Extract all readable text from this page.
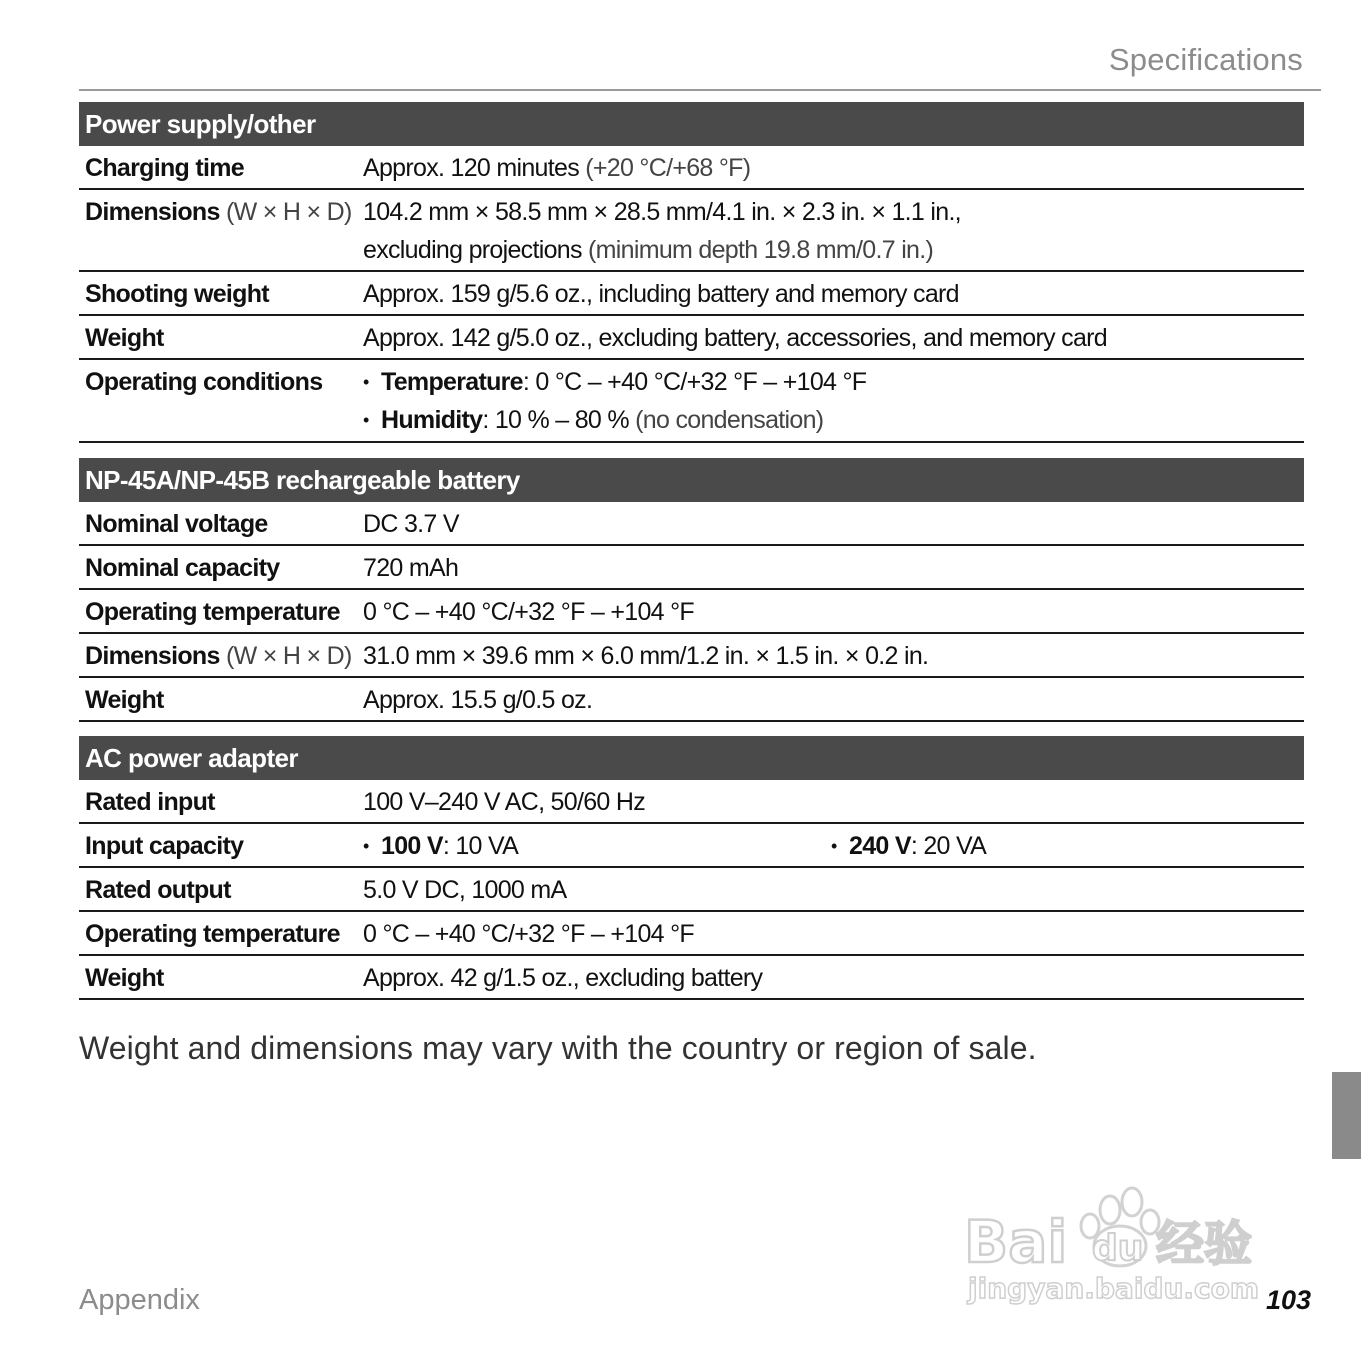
Specifications
Power supply/other
Charging time	Approx. 120 minutes (+20 °C/+68 °F)
Dimensions (W × H × D) 104.2 mm × 58.5 mm × 28.5 mm/4.1 in. × 2.3 in. × 1.1 in.,
excluding projections (minimum depth 19.8 mm/0.7 in.)
Shooting weight	Approx. 159 g/5.6 oz., including battery and memory card
Weight	Approx. 142 g/5.0 oz., excluding battery, accessories, and memory card
Operating conditions	• Temperature: 0 °C – +40 °C/+32 °F – +104 °F
• Humidity: 10 % – 80 % (no condensation)
NP-45A/NP-45B rechargeable battery
Nominal voltage	DC 3.7 V
Nominal capacity	720 mAh
Operating temperature 0 °C – +40 °C/+32 °F – +104 °F
Dimensions (W × H × D) 31.0 mm × 39.6 mm × 6.0 mm/1.2 in. × 1.5 in. × 0.2 in.
Weight	Approx. 15.5 g/0.5 oz.
AC power adapter
Rated input	100 V–240 V AC, 50/60 Hz
Input capacity	• 100 V: 10 VA	• 240 V: 20 VA
Rated output	5.0 V DC, 1000 mA
Operating temperature 0 °C – +40 °C/+32 °F – +104 °F
Weight	Approx. 42 g/1.5 oz., excluding battery
Weight and dimensions may vary with the country or region of sale.
Bai du 经验
jingyan.baidu.com
Appendix	103
